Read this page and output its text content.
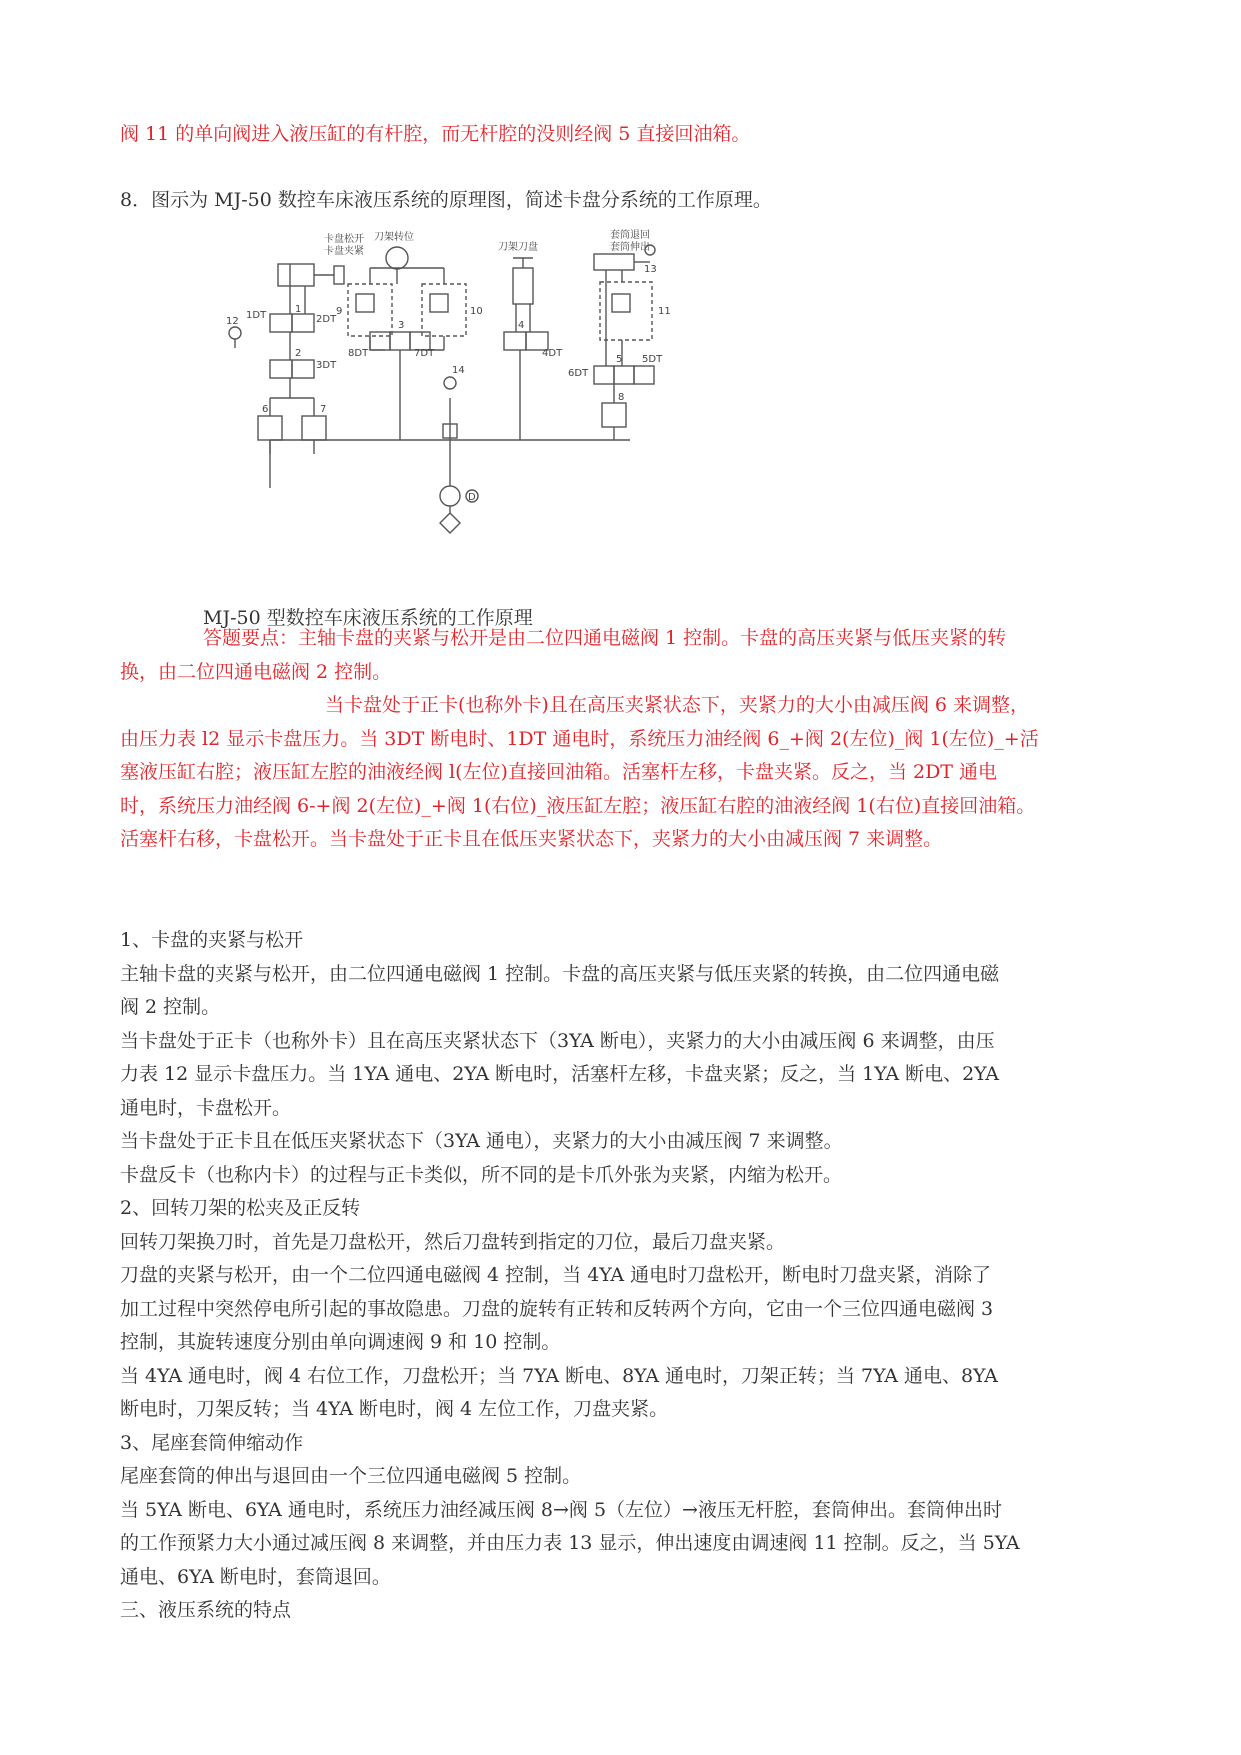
阀 11 的单向阀进入液压缸的有杆腔，而无杆腔的没则经阀 5 直接回油箱。
8．图示为 MJ-50 数控车床液压系统的原理图，简述卡盘分系统的工作原理。
卡盘松开
卡盘夹紧
刀架转位
刀架刀盘
套筒退回
套筒伸出
12
1DT
1
2DT
2
3DT
6	7
9	10
8DT
3
7DT
4
4DT
13
11
6DT
5 5DT
8
14
D
MJ-50 型数控车床液压系统的工作原理

答题要点：主轴卡盘的夹紧与松开是由二位四通电磁阀 1 控制。卡盘的高压夹紧与低压夹紧的转

换，由二位四通电磁阀 2 控制。

当卡盘处于正卡(也称外卡)且在高压夹紧状态下，夹紧力的大小由减压阀 6 来调整，

由压力表 l2 显示卡盘压力。当 3DT 断电时、1DT 通电时，系统压力油经阀 6_+阀 2(左位)_阀 1(左位)_+活

塞液压缸右腔；液压缸左腔的油液经阀 l(左位)直接回油箱。活塞杆左移，卡盘夹紧。反之，当 2DT 通电

时，系统压力油经阀 6-+阀 2(左位)_+阀 1(右位)_液压缸左腔；液压缸右腔的油液经阀 1(右位)直接回油箱。

活塞杆右移，卡盘松开。当卡盘处于正卡且在低压夹紧状态下，夹紧力的大小由减压阀 7 来调整。

1、卡盘的夹紧与松开

主轴卡盘的夹紧与松开，由二位四通电磁阀 1 控制。卡盘的高压夹紧与低压夹紧的转换，由二位四通电磁

阀 2 控制。

当卡盘处于正卡（也称外卡）且在高压夹紧状态下（3YA 断电），夹紧力的大小由减压阀 6 来调整，由压

力表 12 显示卡盘压力。当 1YA 通电、2YA 断电时，活塞杆左移，卡盘夹紧；反之，当 1YA 断电、2YA

通电时，卡盘松开。

当卡盘处于正卡且在低压夹紧状态下（3YA 通电），夹紧力的大小由减压阀 7 来调整。

卡盘反卡（也称内卡）的过程与正卡类似，所不同的是卡爪外张为夹紧，内缩为松开。

2、回转刀架的松夹及正反转

回转刀架换刀时，首先是刀盘松开，然后刀盘转到指定的刀位，最后刀盘夹紧。

刀盘的夹紧与松开，由一个二位四通电磁阀 4 控制，当 4YA 通电时刀盘松开，断电时刀盘夹紧，消除了

加工过程中突然停电所引起的事故隐患。刀盘的旋转有正转和反转两个方向，它由一个三位四通电磁阀 3

控制，其旋转速度分别由单向调速阀 9 和 10 控制。

当 4YA 通电时，阀 4 右位工作，刀盘松开；当 7YA 断电、8YA 通电时，刀架正转；当 7YA 通电、8YA

断电时，刀架反转；当 4YA 断电时，阀 4 左位工作，刀盘夹紧。

3、尾座套筒伸缩动作

尾座套筒的伸出与退回由一个三位四通电磁阀 5 控制。

当 5YA 断电、6YA 通电时，系统压力油经减压阀 8→阀 5（左位）→液压无杆腔，套筒伸出。套筒伸出时

的工作预紧力大小通过减压阀 8 来调整，并由压力表 13 显示，伸出速度由调速阀 11 控制。反之，当 5YA

通电、6YA 断电时，套筒退回。

三、液压系统的特点
